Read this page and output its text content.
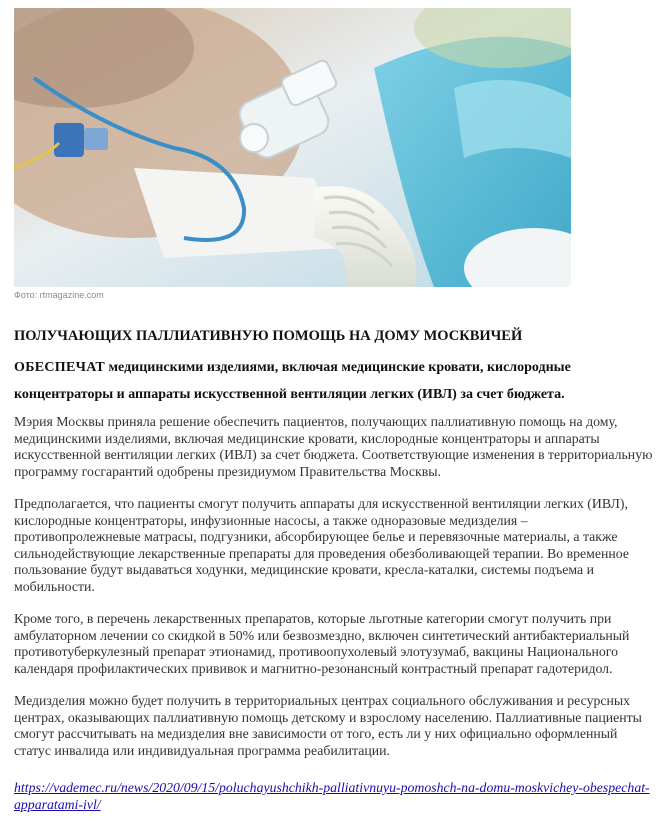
Фото: rtmagazine.com
ПОЛУЧАЮЩИХ ПАЛЛИАТИВНУЮ ПОМОЩЬ НА ДОМУ МОСКВИЧЕЙ
ОБЕСПЕЧАТ медицинскими изделиями, включая медицинские кровати, кислородные концентраторы и аппараты искусственной вентиляции легких (ИВЛ) за счет бюджета.

Мэрия Москвы приняла решение обеспечить пациентов, получающих паллиативную помощь на дому, медицинскими изделиями, включая медицинские кровати, кислородные концентраторы и аппараты искусственной вентиляции легких (ИВЛ) за счет бюджета. Соответствующие изменения в территориальную программу госгарантий одобрены президиумом Правительства Москвы.

Предполагается, что пациенты смогут получить аппараты для искусственной вентиляции легких (ИВЛ), кислородные концентраторы, инфузионные насосы, а также одноразовые медизделия – противопролежневые матрасы, подгузники, абсорбирующее белье и перевязочные материалы, а также сильнодействующие лекарственные препараты для проведения обезболивающей терапии. Во временное пользование будут выдаваться ходунки, медицинские кровати, кресла-каталки, системы подъема и мобильности.

Кроме того, в перечень лекарственных препаратов, которые льготные категории смогут получить при амбулаторном лечении со скидкой в 50% или безвозмездно, включен синтетический антибактериальный противотуберкулезный препарат этионамид, противоопухолевый элотузумаб, вакцины Национального календаря профилактических прививок и магнитно-резонансный контрастный препарат гадотеридол.

Медизделия можно будет получить в территориальных центрах социального обслуживания и ресурсных центрах, оказывающих паллиативную помощь детскому и взрослому населению. Паллиативные пациенты смогут рассчитывать на медизделия вне зависимости от того, есть ли у них официально оформленный статус инвалида или индивидуальная программа реабилитации.

https://vademec.ru/news/2020/09/15/poluchayushchikh-palliativnuyu-pomoshch-na-domu-moskvichey-obespechat-apparatami-ivl/
